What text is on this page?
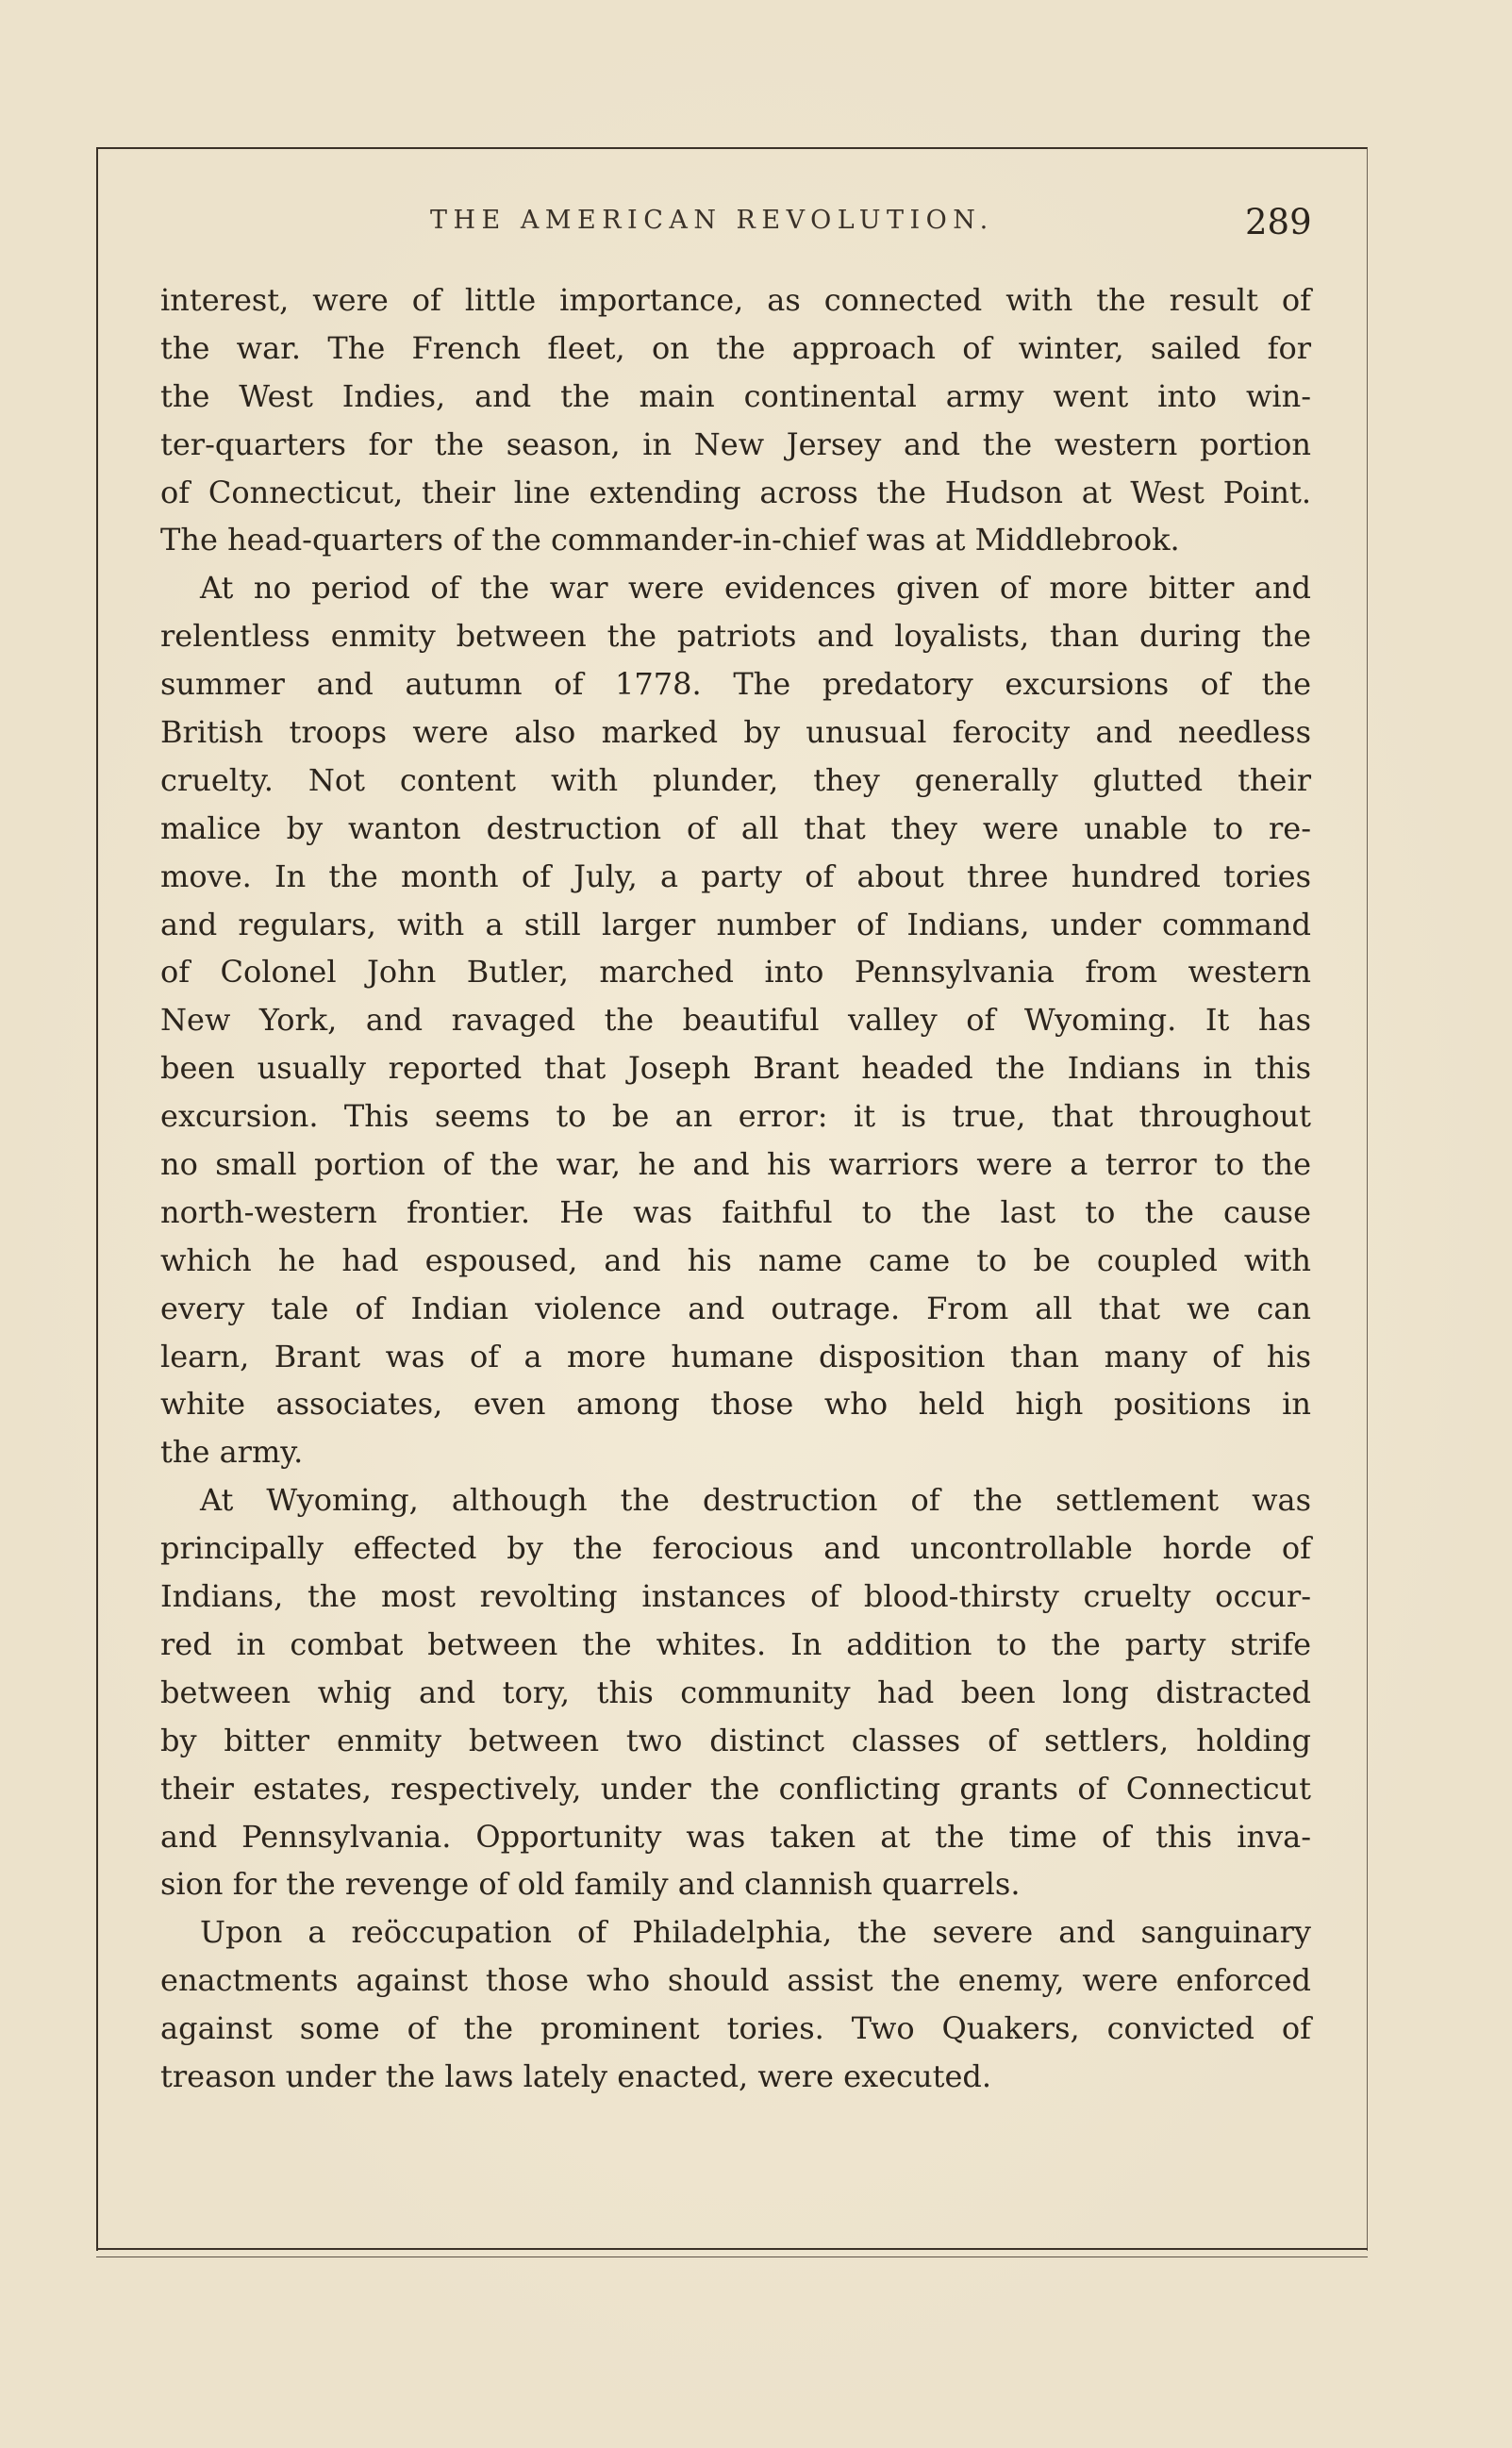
THE AMERICAN REVOLUTION.	289
interest, were of little importance, as connected with the result of
the war. The French fleet, on the approach of winter, sailed for
the West Indies, and the main continental army went into win-
ter-quarters for the season, in New Jersey and the western portion
of Connecticut, their line extending across the Hudson at West Point.
The head-quarters of the commander-in-chief was at Middlebrook.
At no period of the war were evidences given of more bitter and
relentless enmity between the patriots and loyalists, than during the
summer and autumn of 1778. The predatory excursions of the
British troops were also marked by unusual ferocity and needless
cruelty. Not content with plunder, they generally glutted their
malice by wanton destruction of all that they were unable to re-
move. In the month of July, a party of about three hundred tories
and regulars, with a still larger number of Indians, under command
of Colonel John Butler, marched into Pennsylvania from western
New York, and ravaged the beautiful valley of Wyoming. It has
been usually reported that Joseph Brant headed the Indians in this
excursion. This seems to be an error: it is true, that throughout
no small portion of the war, he and his warriors were a terror to the
north-western frontier. He was faithful to the last to the cause
which he had espoused, and his name came to be coupled with
every tale of Indian violence and outrage. From all that we can
learn, Brant was of a more humane disposition than many of his
white associates, even among those who held high positions in
the army.
At Wyoming, although the destruction of the settlement was
principally effected by the ferocious and uncontrollable horde of
Indians, the most revolting instances of blood-thirsty cruelty occur-
red in combat between the whites. In addition to the party strife
between whig and tory, this community had been long distracted
by bitter enmity between two distinct classes of settlers, holding
their estates, respectively, under the conflicting grants of Connecticut
and Pennsylvania. Opportunity was taken at the time of this inva-
sion for the revenge of old family and clannish quarrels.
Upon a reöccupation of Philadelphia, the severe and sanguinary
enactments against those who should assist the enemy, were enforced
against some of the prominent tories. Two Quakers, convicted of
treason under the laws lately enacted, were executed.
